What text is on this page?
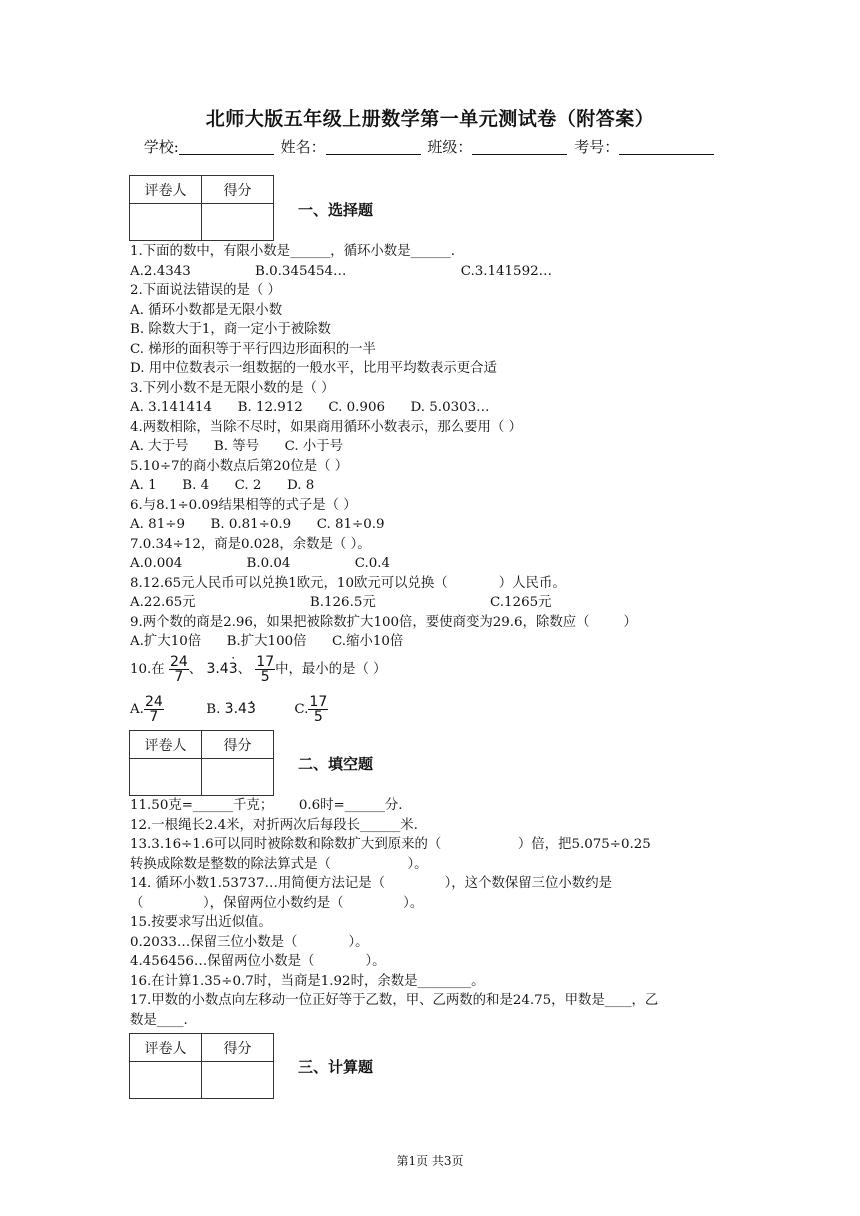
北师大版五年级上册数学第一单元测试卷（附答案）
学校:	姓名：	班级：	考号：
评卷人	得分

一、选择题
1.下面的数中，有限小数是______，循环小数是______.
A.2.4343	B.0.345454…	C.3.141592…
2.下面说法错误的是（ ）
A. 循环小数都是无限小数
B. 除数大于1，商一定小于被除数
C. 梯形的面积等于平行四边形面积的一半
D. 用中位数表示一组数据的一般水平，比用平均数表示更合适
3.下列小数不是无限小数的是（ ）
A. 3.141414      B. 12.912      C. 0.906      D. 5.0303…
4.两数相除，当除不尽时，如果商用循环小数表示，那么要用（ ）
A. 大于号      B. 等号      C. 小于号
5.10÷7的商小数点后第20位是（ ）
A. 1      B. 4      C. 2      D. 8
6.与8.1÷0.09结果相等的式子是（ ）
A. 81÷9      B. 0.81÷0.9      C. 81÷0.9
7.0.34÷12，商是0.028，余数是（ ）。
A.0.004	B.0.04	C.0.4
8.12.65元人民币可以兑换1欧元，10欧元可以兑换（            ）人民币。
A.22.65元	B.126.5元	C.1265元
9.两个数的商是2.96，如果把被除数扩大100倍，要使商变为29.6，除数应（        ）
A.扩大10倍      B.扩大100倍      C.缩小10倍
10.在 $\frac{24}{7}$ 、 3.43 ˙、 $\frac{17}{5}$ 中，最小的是（ ）
A. $\frac{24}{7}$	B. 3.43 ˙	C. $\frac{17}{5}$
评卷人	得分

二、填空题
11.50克=______千克；      0.6时=______分.
12.一根绳长2.4米，对折两次后每段长______米.
13.3.16÷1.6可以同时被除数和除数扩大到原来的（                  ）倍，把5.075÷0.25
转换成除数是整数的除法算式是（                  ）。
14. 循环小数1.53737…用简便方法记是（              ），这个数保留三位小数约是
（              ），保留两位小数约是（              ）。
15.按要求写出近似值。
0.2033…保留三位小数是（            ）。
4.456456…保留两位小数是（            ）。
16.在计算1.35÷0.7时，当商是1.92时，余数是________。
17.甲数的小数点向左移动一位正好等于乙数，甲、乙两数的和是24.75，甲数是____，乙
数是____.
评卷人	得分

三、计算题
第1页 共3页
